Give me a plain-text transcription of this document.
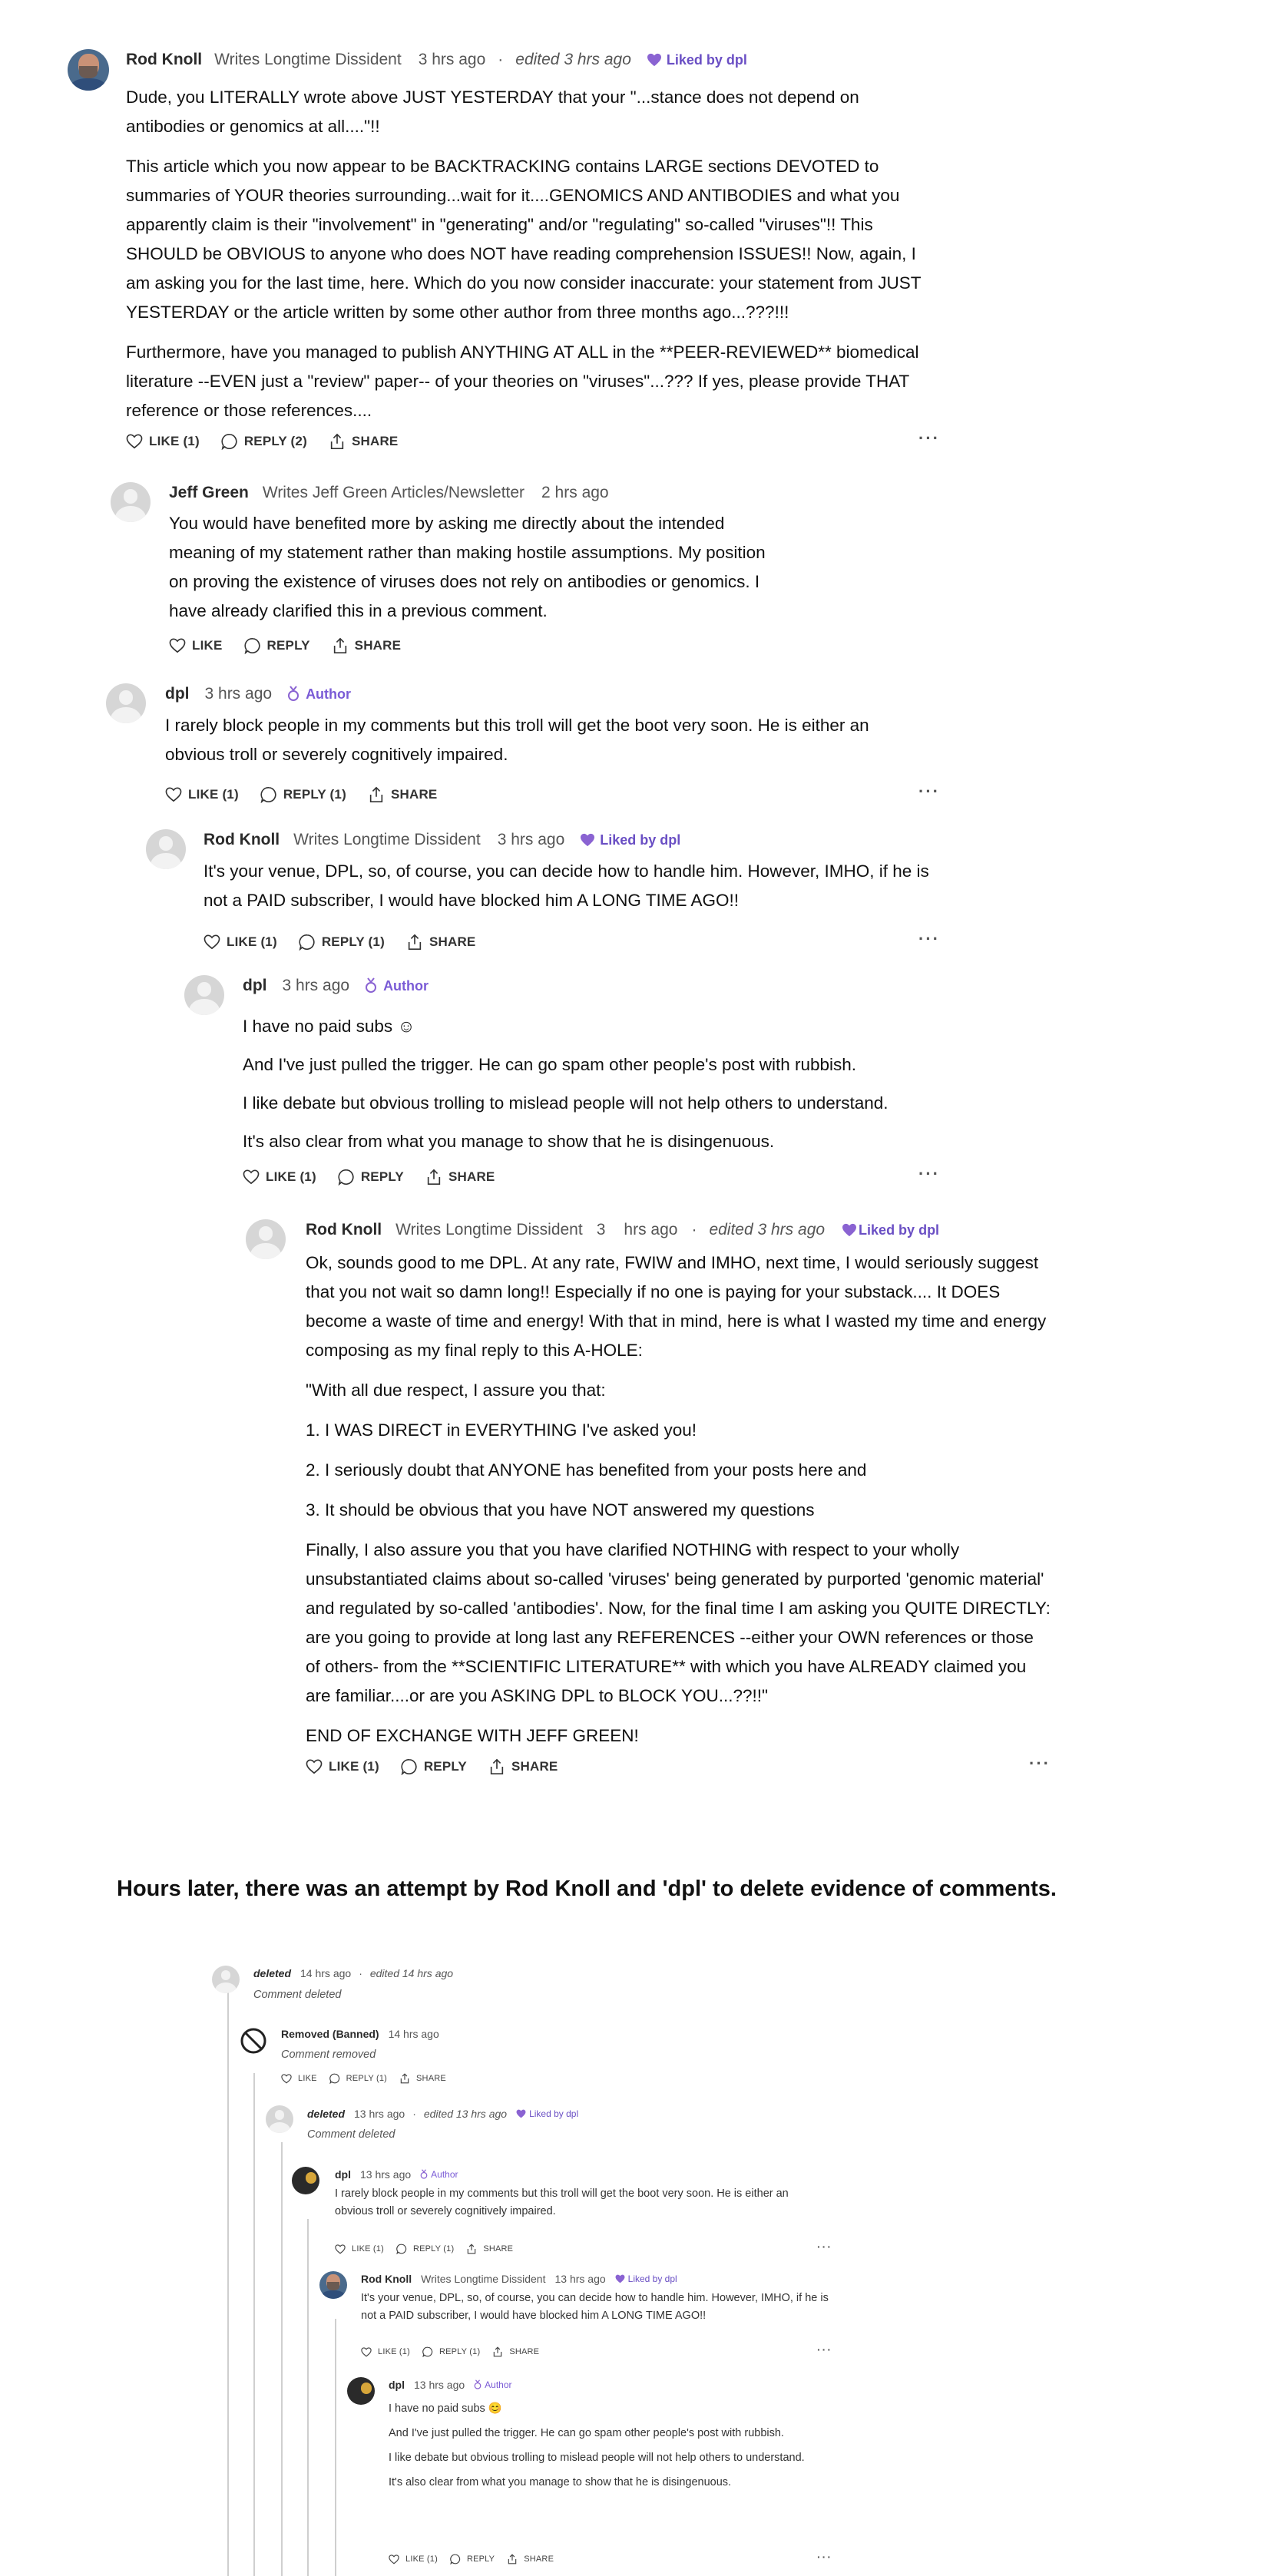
Rod Knoll Writes Longtime Dissident 3 hrs ago · edited 3 hrs ago	Liked by dpl

Dude, you LITERALLY wrote above JUST YESTERDAY that your "...stance does not depend on antibodies or genomics at all...."!!

This article which you now appear to be BACKTRACKING contains LARGE sections DEVOTED to summaries of YOUR theories surrounding...wait for it....GENOMICS AND ANTIBODIES and what you apparently claim is their "involvement" in "generating" and/or "regulating" so-called "viruses"!! This SHOULD be OBVIOUS to anyone who does NOT have reading comprehension ISSUES!! Now, again, I am asking you for the last time, here. Which do you now consider inaccurate: your statement from JUST YESTERDAY or the article written by some other author from three months ago...???!!!

Furthermore, have you managed to publish ANYTHING AT ALL in the **PEER-REVIEWED** biomedical literature --EVEN just a "review" paper-- of your theories on "viruses"...??? If yes, please provide THAT reference or those references....

LIKE (1)	REPLY (2)	SHARE	···
Jeff Green Writes Jeff Green Articles/Newsletter 2 hrs ago

You would have benefited more by asking me directly about the intended meaning of my statement rather than making hostile assumptions. My position on proving the existence of viruses does not rely on antibodies or genomics. I have already clarified this in a previous comment.

LIKE	REPLY	SHARE
dpl 3 hrs ago Author

I rarely block people in my comments but this troll will get the boot very soon. He is either an obvious troll or severely cognitively impaired.

LIKE (1)	REPLY (1)	SHARE	···
Rod Knoll Writes Longtime Dissident 3 hrs ago	Liked by dpl

It's your venue, DPL, so, of course, you can decide how to handle him. However, IMHO, if he is not a PAID subscriber, I would have blocked him A LONG TIME AGO!!

LIKE (1)	REPLY (1)	SHARE	···
dpl 3 hrs ago Author

I have no paid subs ☺

And I've just pulled the trigger. He can go spam other people's post with rubbish.

I like debate but obvious trolling to mislead people will not help others to understand.

It's also clear from what you manage to show that he is disingenuous.

LIKE (1)	REPLY	SHARE	···
Rod Knoll Writes Longtime Dissident 3 hrs ago · edited 3 hrs ago Liked by dpl

Ok, sounds good to me DPL. At any rate, FWIW and IMHO, next time, I would seriously suggest that you not wait so damn long!! Especially if no one is paying for your substack.... It DOES become a waste of time and energy! With that in mind, here is what I wasted my time and energy composing as my final reply to this A-HOLE:

"With all due respect, I assure you that:

1. I WAS DIRECT in EVERYTHING I've asked you!

2. I seriously doubt that ANYONE has benefited from your posts here and

3. It should be obvious that you have NOT answered my questions

Finally, I also assure you that you have clarified NOTHING with respect to your wholly unsubstantiated claims about so-called 'viruses' being generated by purported 'genomic material' and regulated by so-called 'antibodies'. Now, for the final time I am asking you QUITE DIRECTLY: are you going to provide at long last any REFERENCES --either your OWN references or those of others- from the **SCIENTIFIC LITERATURE** with which you have ALREADY claimed you are familiar....or are you ASKING DPL to BLOCK YOU...??!!"

END OF EXCHANGE WITH JEFF GREEN!

LIKE (1)	REPLY	SHARE	···
Hours later, there was an attempt by Rod Knoll and 'dpl' to delete evidence of comments.
deleted 14 hrs ago · edited 14 hrs ago
Comment deleted
Removed (Banned) 14 hrs ago
Comment removed
LIKE	REPLY (1)	SHARE
deleted 13 hrs ago · edited 13 hrs ago Liked by dpl
Comment deleted
dpl 13 hrs ago Author

I rarely block people in my comments but this troll will get the boot very soon. He is either an obvious troll or severely cognitively impaired.

LIKE (1)	REPLY (1)	SHARE	···
Rod Knoll Writes Longtime Dissident 13 hrs ago Liked by dpl

It's your venue, DPL, so, of course, you can decide how to handle him. However, IMHO, if he is not a PAID subscriber, I would have blocked him A LONG TIME AGO!!

LIKE (1)	REPLY (1)	SHARE	···
dpl 13 hrs ago Author

I have no paid subs 😊

And I've just pulled the trigger. He can go spam other people's post with rubbish.

I like debate but obvious trolling to mislead people will not help others to understand.

It's also clear from what you manage to show that he is disingenuous.

LIKE (1)	REPLY	SHARE	···
